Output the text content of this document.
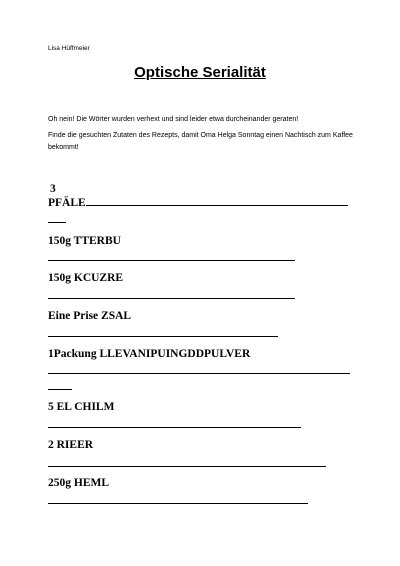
Lisa Hüffmeier
Optische Serialität
Oh nein! Die Wörter wurden verhext und sind leider etwa durcheinander geraten!
Finde die gesuchten Zutaten des Rezepts, damit Oma Helga Sonntag einen Nachtisch zum Kaffee bekommt!
3
PFÄLE
150g TTERBU
150g KCUZRE
Eine Prise ZSAL
1Packung LLEVANIPUINGDDPULVER
5 EL CHILM
2 RIEER
250g HEML
